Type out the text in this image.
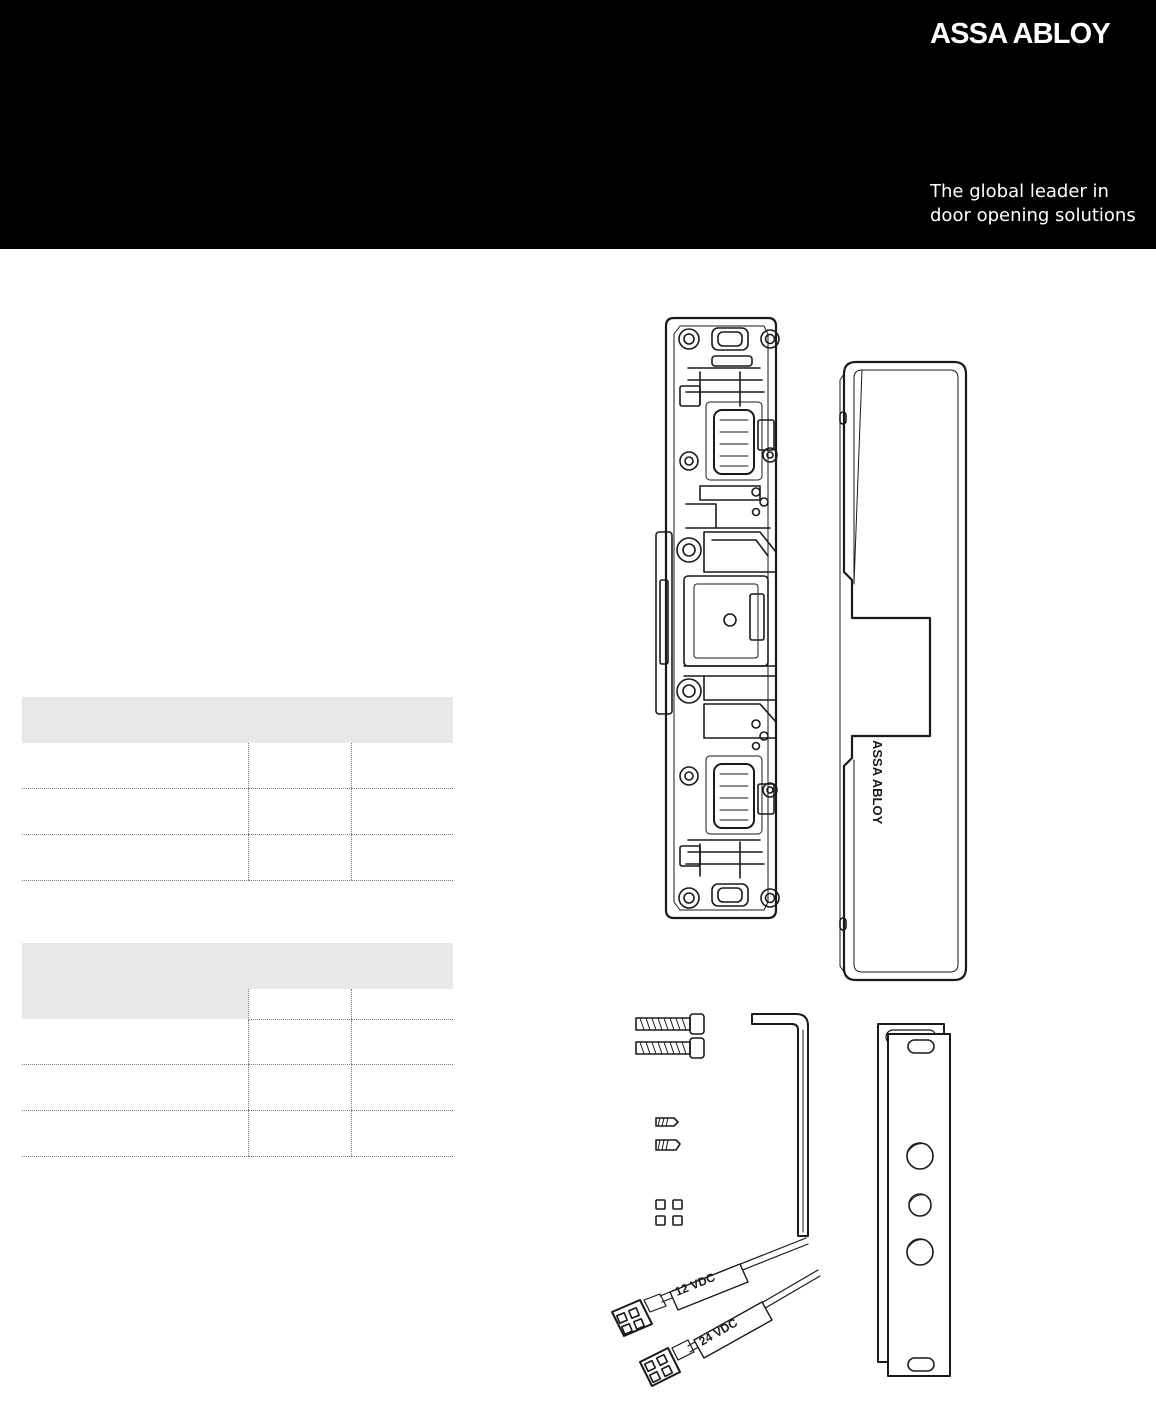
ASSA ABLOY
The global leader in
door opening solutions

ASSA ABLOY
12 VDC
24 VDC
